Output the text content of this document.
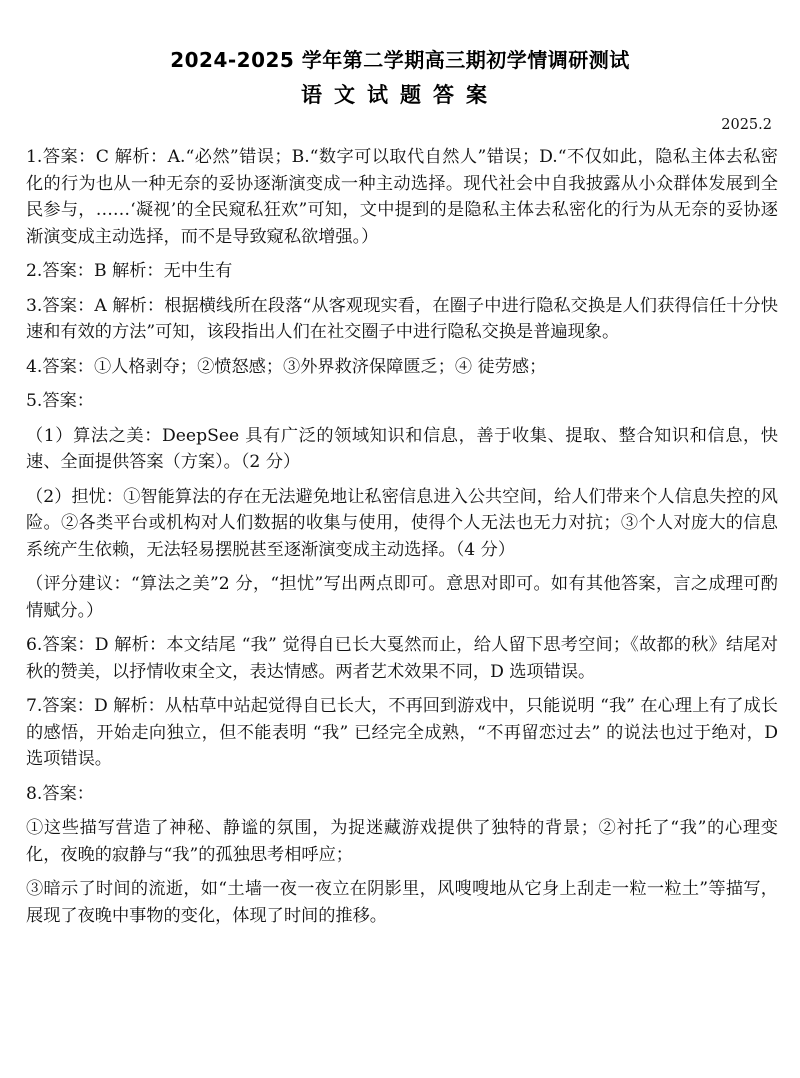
2024-2025 学年第二学期高三期初学情调研测试
语文试题答案
2025.2

1.答案：C 解析：A.“必然”错误；B.“数字可以取代自然人”错误；D.“不仅如此，隐私主体去私密化的行为也从一种无奈的妥协逐渐演变成一种主动选择。现代社会中自我披露从小众群体发展到全民参与，……‘凝视’的全民窥私狂欢”可知，文中提到的是隐私主体去私密化的行为从无奈的妥协逐渐演变成主动选择，而不是导致窥私欲增强。）

2.答案：B 解析：无中生有

3.答案：A 解析：根据横线所在段落“从客观现实看，在圈子中进行隐私交换是人们获得信任十分快速和有效的方法”可知，该段指出人们在社交圈子中进行隐私交换是普遍现象。

4.答案：①人格剥夺；②愤怒感；③外界救济保障匮乏；④ 徒劳感；

5.答案：

（1）算法之美：DeepSee 具有广泛的领域知识和信息，善于收集、提取、整合知识和信息，快速、全面提供答案（方案）。（2 分）

（2）担忧：①智能算法的存在无法避免地让私密信息进入公共空间，给人们带来个人信息失控的风险。②各类平台或机构对人们数据的收集与使用，使得个人无法也无力对抗；③个人对庞大的信息系统产生依赖，无法轻易摆脱甚至逐渐演变成主动选择。（4 分）

（评分建议：“算法之美”2 分，“担忧”写出两点即可。意思对即可。如有其他答案，言之成理可酌情赋分。）

6.答案：D 解析：本文结尾 “我” 觉得自已长大戛然而止，给人留下思考空间；《故都的秋》结尾对秋的赞美，以抒情收束全文，表达情感。两者艺术效果不同，D 选项错误。

7.答案：D 解析：从枯草中站起觉得自已长大，不再回到游戏中，只能说明 “我” 在心理上有了成长的感悟，开始走向独立，但不能表明 “我” 已经完全成熟，“不再留恋过去” 的说法也过于绝对，D 选项错误。

8.答案：

①这些描写营造了神秘、静谧的氛围，为捉迷藏游戏提供了独特的背景；②衬托了“我”的心理变化，夜晚的寂静与“我”的孤独思考相呼应；

③暗示了时间的流逝，如“土墙一夜一夜立在阴影里，风嗖嗖地从它身上刮走一粒一粒土”等描写，展现了夜晚中事物的变化，体现了时间的推移。
